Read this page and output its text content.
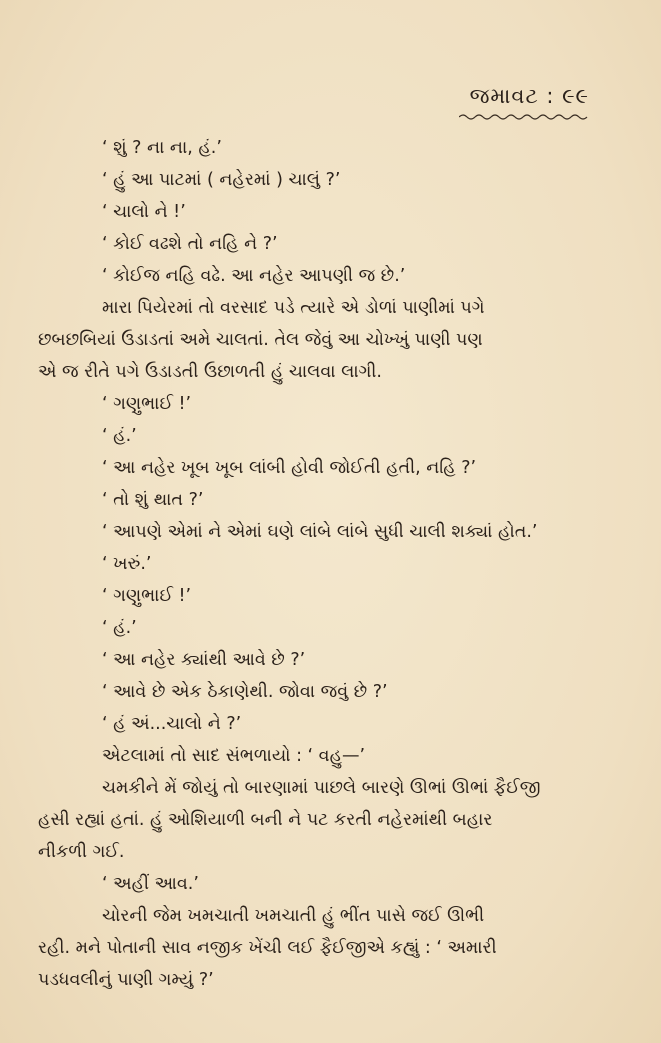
જમાવટ : ૯૯
‘ શું ? ના ના, હં.’
‘ હું આ પાટમાં ( નહેરમાં ) ચાલું ?’
‘ ચાલો ને !’
‘ કોઈ વઢશે તો નહિ ને ?’
‘ કોઈજ નહિ વઢે. આ નહેર આપણી જ છે.’
મારા પિયેરમાં તો વરસાદ પડે ત્યારે એ ડોળાં પાણીમાં પગે
છબછબિયાં ઉડાડતાં અમે ચાલતાં. તેલ જેવું આ ચોખ્ખું પાણી પણ
એ જ રીતે પગે ઉડાડતી ઉછાળતી હું ચાલવા લાગી.
‘ ગણુભાઈ !’
‘ હં.’
‘ આ નહેર ખૂબ ખૂબ લાંબી હોવી જોઈતી હતી, નહિ ?’
‘ તો શું થાત ?’
‘ આપણે એમાં ને એમાં ઘણે લાંબે લાંબે સુધી ચાલી શક્યાં હોત.’
‘ ખરું.’
‘ ગણુભાઈ !’
‘ હં.’
‘ આ નહેર ક્યાંથી આવે છે ?’
‘ આવે છે એક ઠેકાણેથી. જોવા જવું છે ?’
‘ હં અં...ચાલો ને ?’
એટલામાં તો સાદ સંભળાયો : ‘ વહુ—’
ચમકીને મેં જોયું તો બારણામાં પાછલે બારણે ઊભાં ઊભાં ફૈઈજી
હસી રહ્યાં હતાં. હું ઓશિયાળી બની ને પટ કરતી નહેરમાંથી બહાર
નીકળી ગઈ.
‘ અહીં આવ.’
ચોરની જેમ ખમચાતી ખમચાતી હું ભીંત પાસે જઈ ઊભી
રહી. મને પોતાની સાવ નજીક ખેંચી લઈ ફૈઈજીએ કહ્યું : ‘ અમારી
પડધવલીનું પાણી ગમ્યું ?’
